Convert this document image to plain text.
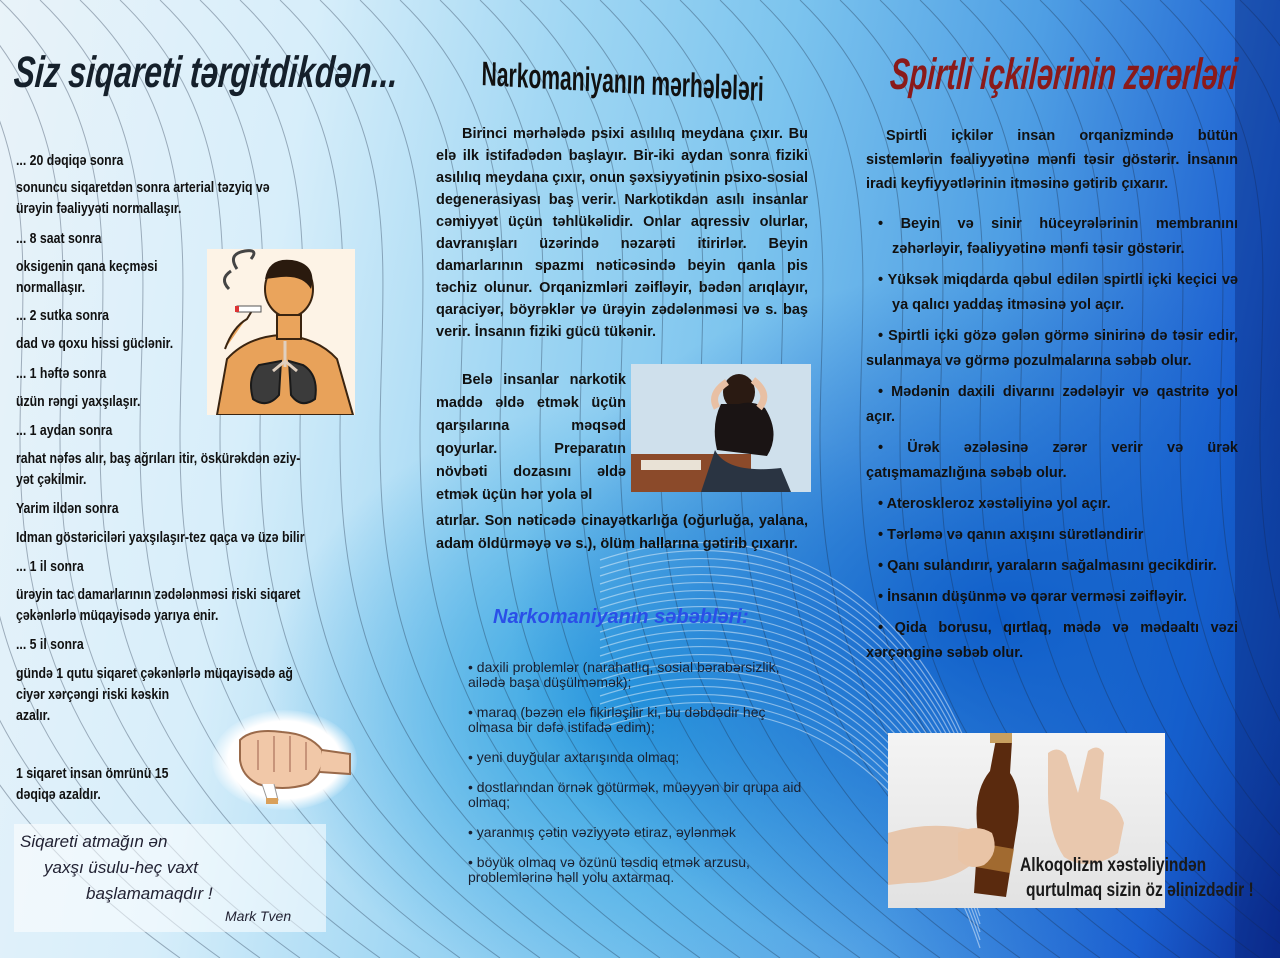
Siz siqareti tərgitdikdən...
... 20 dəqiqə sonra
sonuncu siqaretdən sonra arterial təzyiq və
ürəyin fəaliyyəti normallaşır.
... 8 saat sonra
oksigenin qana keçməsi
normallaşır.
... 2 sutka sonra
dad və qoxu hissi güclənir.
... 1 həftə sonra
üzün rəngi yaxşılaşır.
... 1 aydan sonra
rahat nəfəs alır, baş ağrıları itir, öskürəkdən əziy-
yət çəkilmir.
Yarim ildən sonra
Idman göstəriciləri yaxşılaşır-tez qaça və üzə bilir
... 1 il sonra
ürəyin tac damarlarının zədələnməsi riski siqaret
çəkənlərlə müqayisədə yarıya enir.
... 5 il sonra
gündə 1 qutu siqaret çəkənlərlə müqayisədə ağ
ciyər xərçəngi riski kəskin
azalır.
1 siqaret insan ömrünü 15
dəqiqə azaldır.
Siqareti atmağın ən
yaxşı üsulu-heç vaxt
başlamamaqdır !
Mark Tven
Narkomaniyanın mərhələləri
Birinci mərhələdə psixi asılılıq meydana çıxır. Bu elə ilk istifadədən başlayır. Bir-iki aydan sonra fiziki asılılıq meydana çıxır, onun şəxsiyyətinin psixo-sosial degenerasiyası baş verir. Narkotikdən asılı insanlar cəmiyyət üçün təhlükəlidir. Onlar aqressiv olurlar, davranışları üzərində nəzarəti itirirlər. Beyin damarlarının spazmı nəticəsində beyin qanla pis təchiz olunur. Orqanizmləri zəifləyir, bədən arıqlayır, qaraciyər, böyrəklər və ürəyin zədələnməsi və s. baş verir. İnsanın fiziki gücü tükənir.
Belə insanlar narkotik maddə əldə etmək üçün qarşılarına məqsəd qoyurlar. Preparatın növbəti dozasını əldə etmək üçün hər yola əl
atırlar. Son nəticədə cinayətkarlığa (oğurluğa, yalana, adam öldürməyə və s.), ölüm hallarına gətirib çıxarır.
Narkomaniyanın səbəbləri:
• daxili problemlər (narahatlıq, sosial bərabərsizlik, ailədə başa düşülməmək);
• maraq (bəzən elə fikirləşilir ki, bu dəbdədir heç olmasa bir dəfə istifadə edim);
• yeni duyğular axtarışında olmaq;
• dostlarından örnək götürmək, müəyyən bir qrupa aid olmaq;
• yaranmış çətin vəziyyətə etiraz, əylənmək
• böyük olmaq və özünü təsdiq etmək arzusu, problemlərinə həll yolu axtarmaq.
Spirtli içkilərinin zərərləri
Spirtli içkilər insan orqanizmində bütün sistemlərin fəaliyyətinə mənfi təsir göstərir. İnsanın iradi keyfiyyətlərinin itməsinə gətirib çıxarır.
• Beyin və sinir hüceyrələrinin membranını zəhərləyir, fəaliyyətinə mənfi təsir göstərir.
• Yüksək miqdarda qəbul edilən spirtli içki keçici və ya qalıcı yaddaş itməsinə yol açır.
• Spirtli içki gözə gələn görmə sinirinə də təsir edir, sulanmaya və görmə pozulmalarına səbəb olur.
• Mədənin daxili divarını zədələyir və qastritə yol açır.
• Ürək əzələsinə zərər verir və ürək çatışmamazlığına səbəb olur.
• Ateroskleroz xəstəliyinə yol açır.
• Tərləmə və qanın axışını sürətləndirir
• Qanı sulandırır, yaraların sağalmasını gecikdirir.
• İnsanın düşünmə və qərar verməsi zəifləyir.
• Qida borusu, qırtlaq, mədə və mədəaltı vəzi xərçənginə səbəb olur.
Alkoqolizm xəstəliyindən
qurtulmaq sizin öz əlinizdədir !
